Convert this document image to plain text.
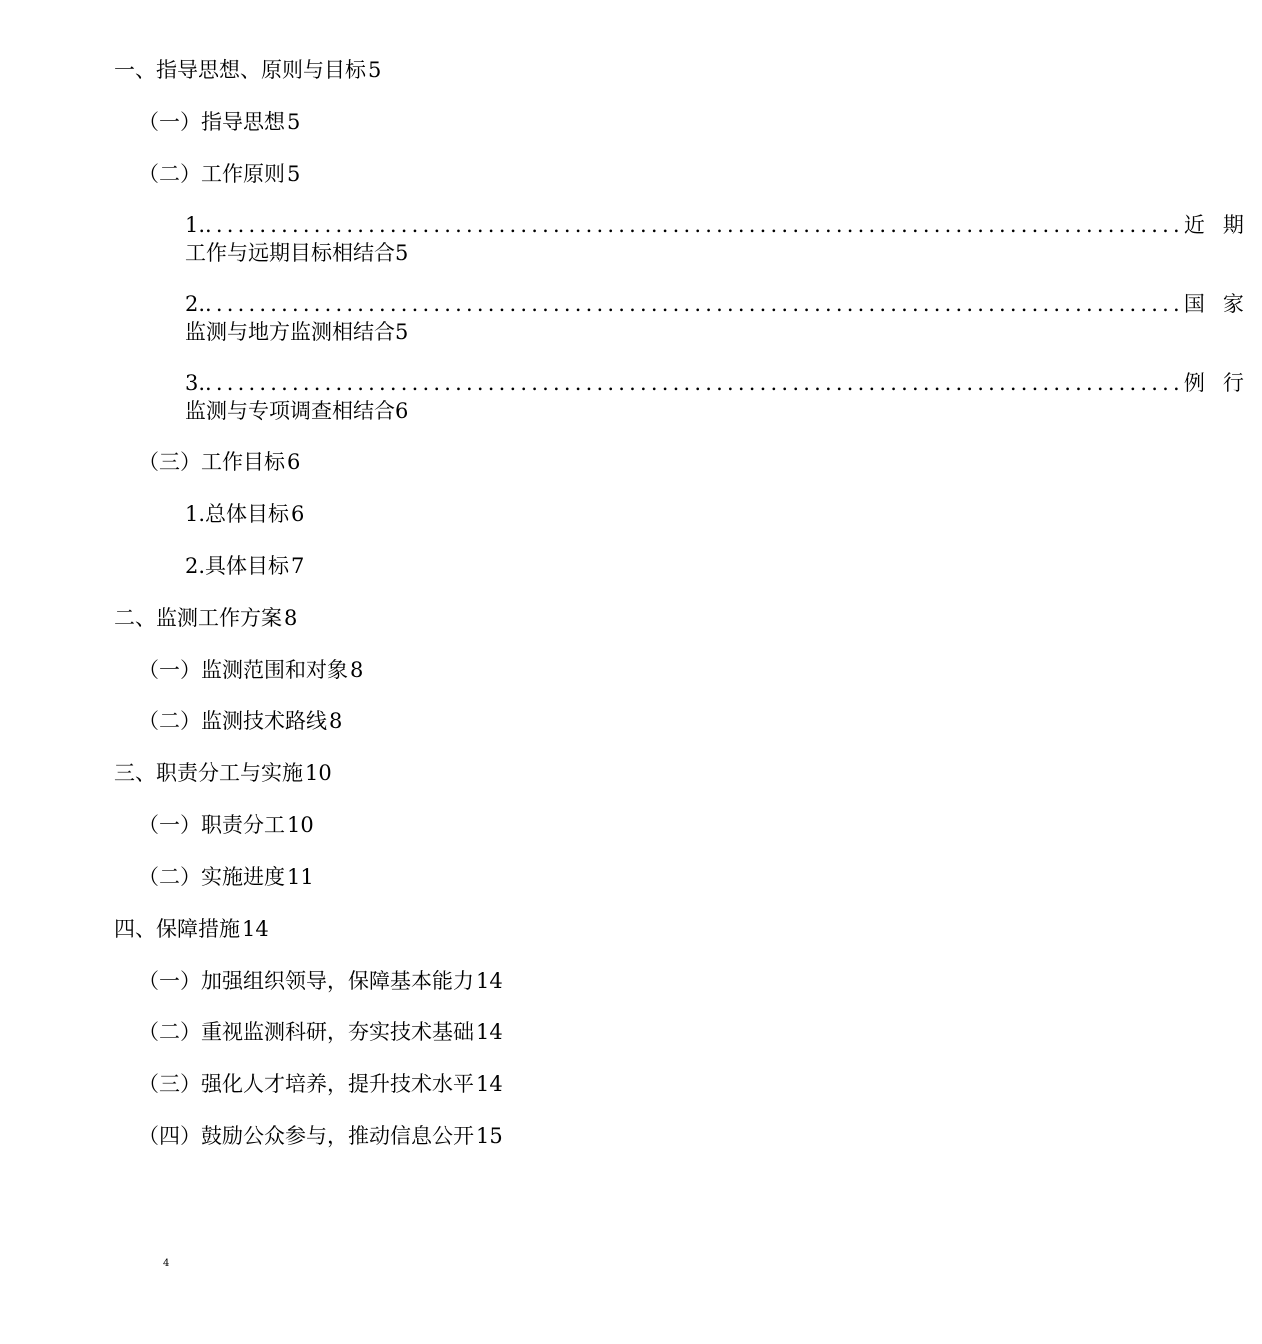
一、指导思想、原则与目标5
（一）指导思想5
（二）工作原则5
1. .......................................................................................... 近期
工作与远期目标相结合5
2. .......................................................................................... 国家
监测与地方监测相结合5
3. .......................................................................................... 例行
监测与专项调查相结合6
（三）工作目标6
1.总体目标6
2.具体目标7
二、监测工作方案8
（一）监测范围和对象8
（二）监测技术路线8
三、职责分工与实施10
（一）职责分工10
（二）实施进度11
四、保障措施14
（一）加强组织领导，保障基本能力14
（二）重视监测科研，夯实技术基础14
（三）强化人才培养，提升技术水平14
（四）鼓励公众参与，推动信息公开15
4
